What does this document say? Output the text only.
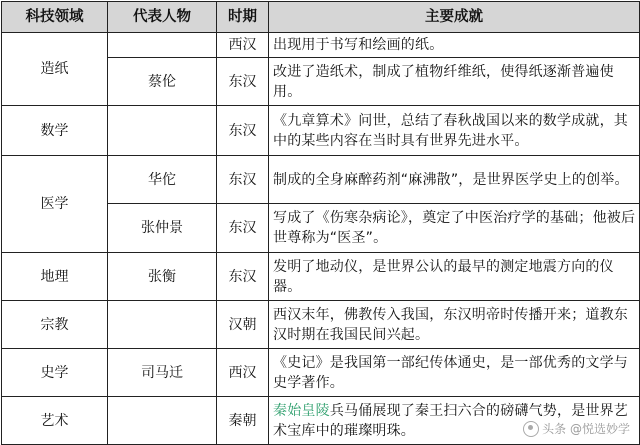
科技领域	代表人物	时期	主要成就
造纸		西汉	出现用于书写和绘画的纸。
	蔡伦	东汉	改进了造纸术，制成了植物纤维纸，使得纸逐渐普遍使用。
数学		东汉	《九章算术》问世，总结了春秋战国以来的数学成就，其中的某些内容在当时具有世界先进水平。
医学	华佗	东汉	制成的全身麻醉药剂“麻沸散”，是世界医学史上的创举。
	张仲景	东汉	写成了《伤寒杂病论》，奠定了中医治疗学的基础；他被后世尊称为“医圣”。
地理	张衡	东汉	发明了地动仪，是世界公认的最早的测定地震方向的仪器。
宗教		汉朝	西汉末年，佛教传入我国，东汉明帝时传播开来；道教东汉时期在我国民间兴起。
史学	司马迁	西汉	《史记》是我国第一部纪传体通史，是一部优秀的文学与史学著作。
艺术		秦朝	秦始皇陵兵马俑展现了秦王扫六合的磅礴气势，是世界艺术宝库中的璀璨明珠。	头条 @悦选妙学
